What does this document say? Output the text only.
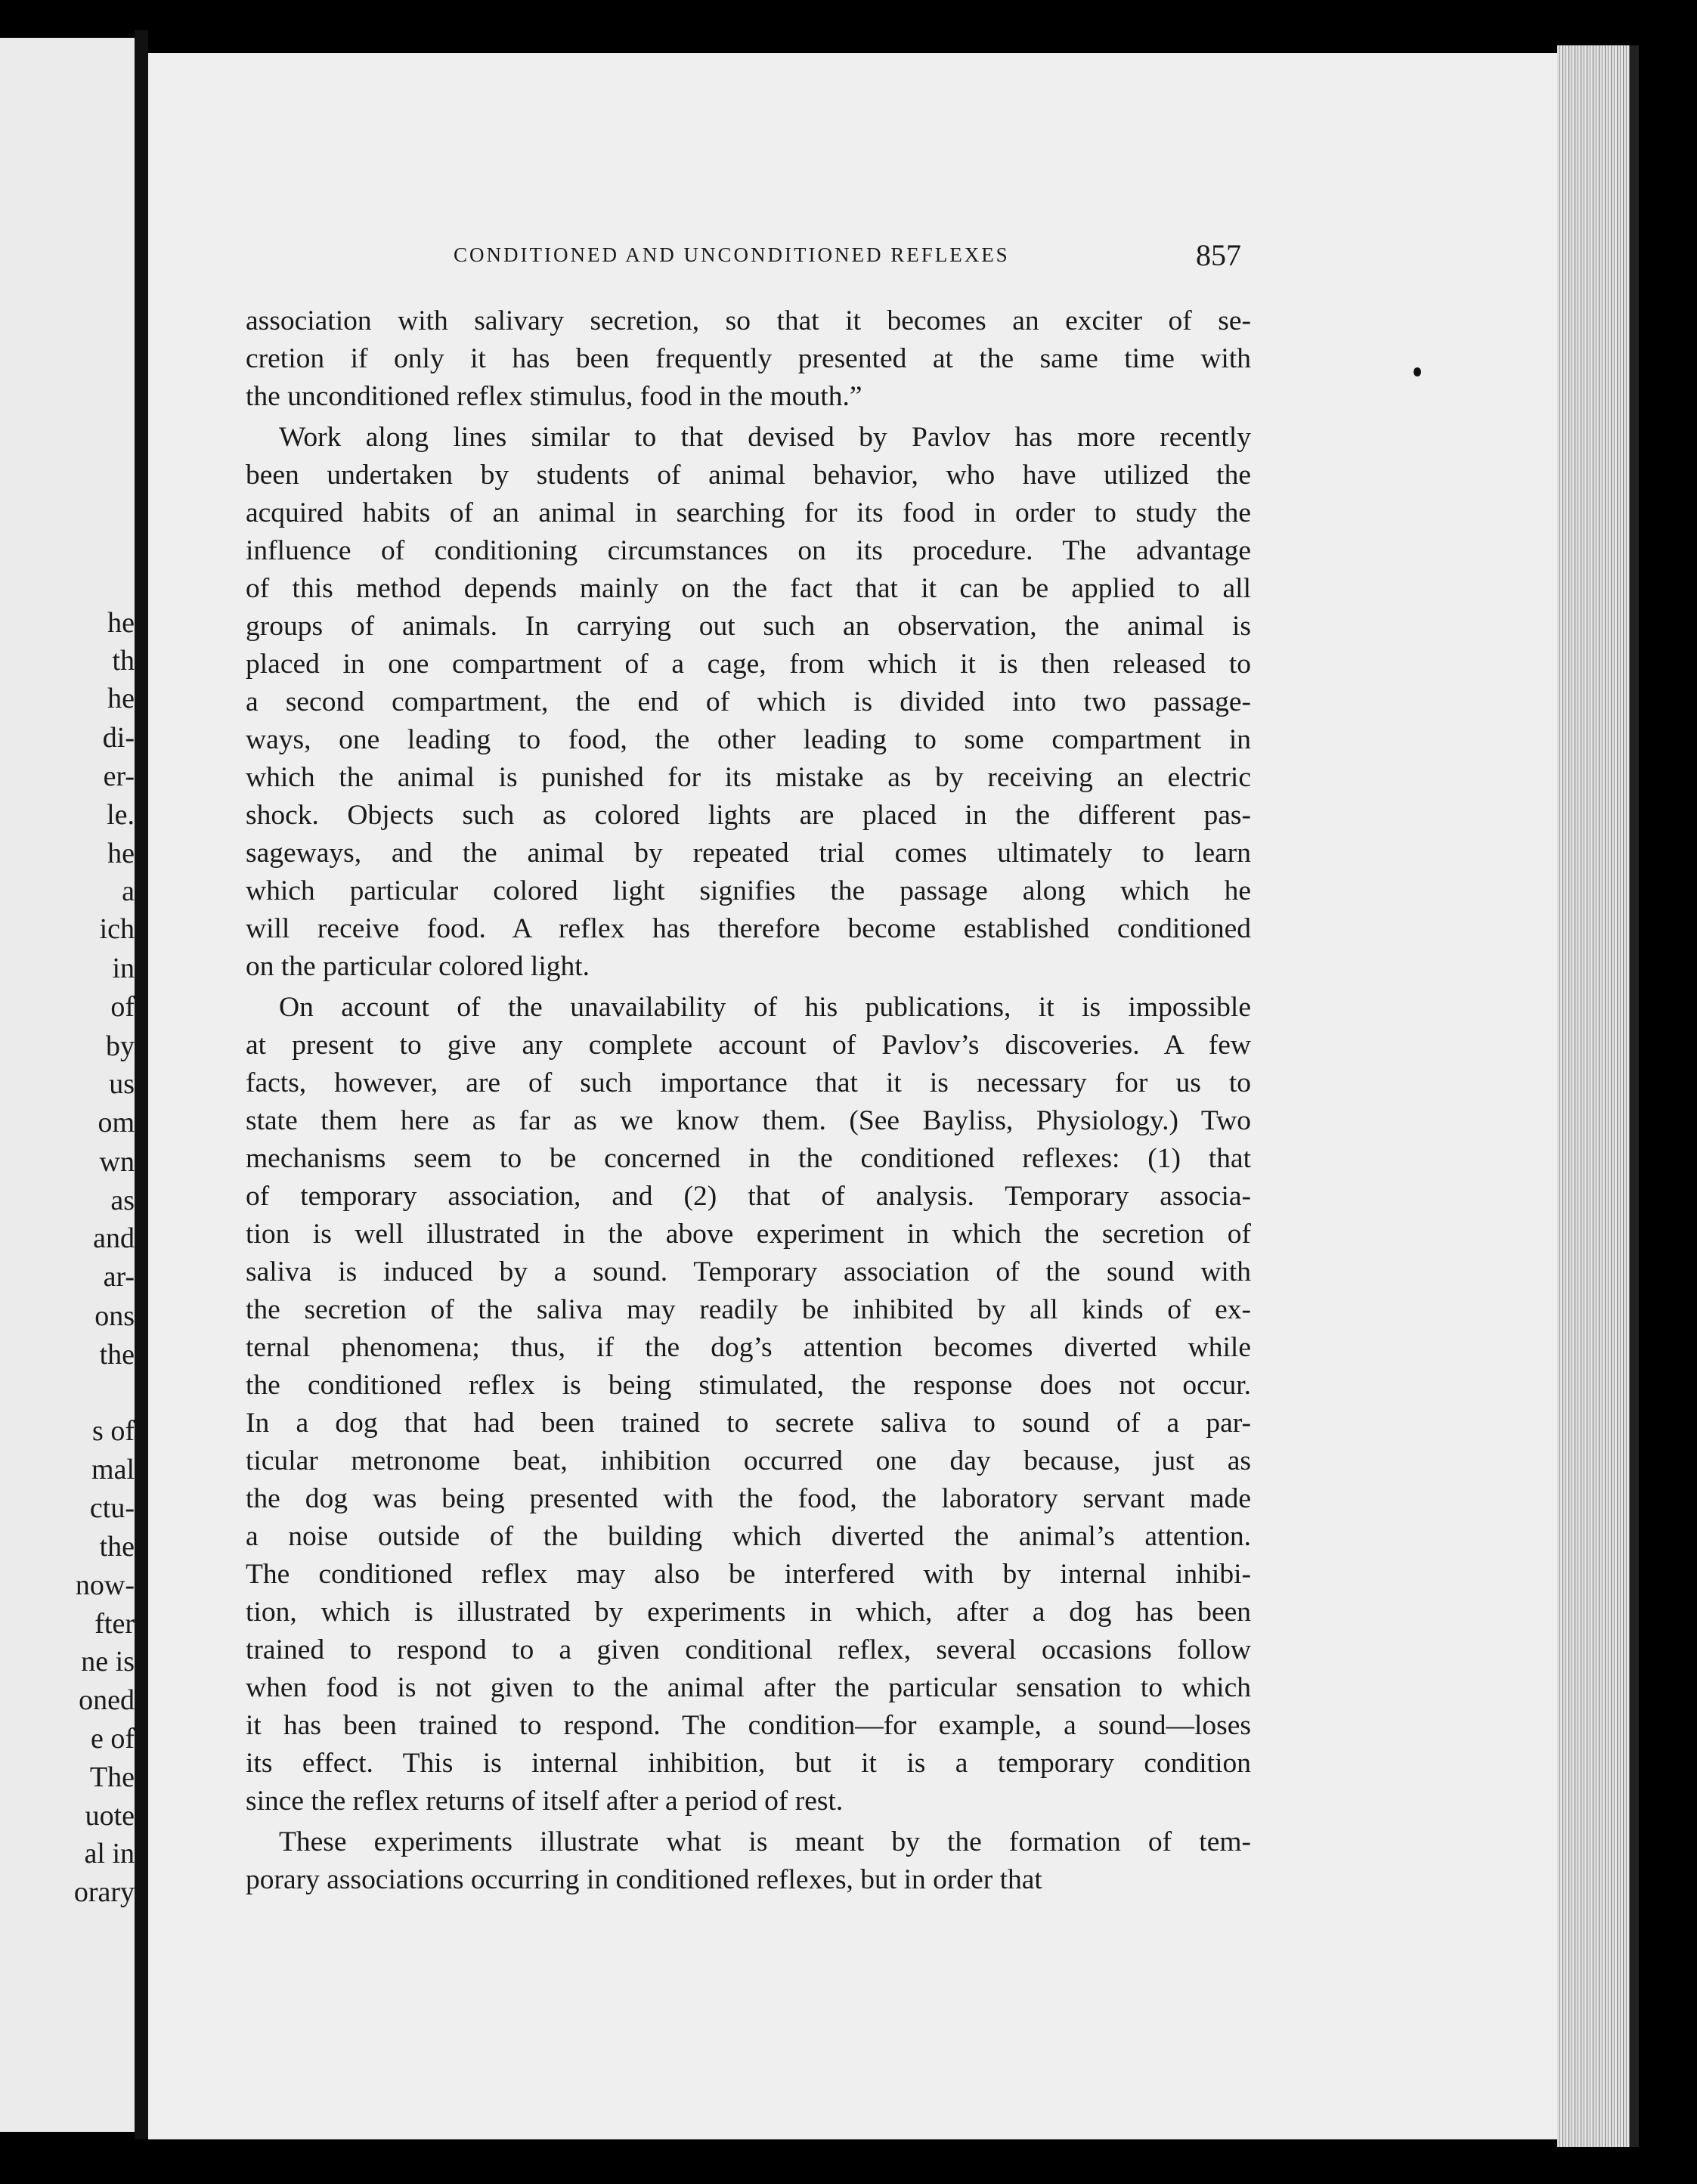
he
th
he
di-
er-
le.
he
a
ich
in
of
by
us
om
wn
as
and
ar-
ons
the
s of
mal
ctu-
the
now-
fter
ne is
oned
e of
The
uote
al in
orary
CONDITIONED AND UNCONDITIONED REFLEXES	857

association with salivary secretion, so that it becomes an exciter of se-
cretion if only it has been frequently presented at the same time with
the unconditioned reflex stimulus, food in the mouth.”

Work along lines similar to that devised by Pavlov has more recently
been undertaken by students of animal behavior, who have utilized the
acquired habits of an animal in searching for its food in order to study the
influence of conditioning circumstances on its procedure. The advantage
of this method depends mainly on the fact that it can be applied to all
groups of animals. In carrying out such an observation, the animal is
placed in one compartment of a cage, from which it is then released to
a second compartment, the end of which is divided into two passage-
ways, one leading to food, the other leading to some compartment in
which the animal is punished for its mistake as by receiving an electric
shock. Objects such as colored lights are placed in the different pas-
sageways, and the animal by repeated trial comes ultimately to learn
which particular colored light signifies the passage along which he
will receive food. A reflex has therefore become established conditioned
on the particular colored light.

On account of the unavailability of his publications, it is impossible
at present to give any complete account of Pavlov’s discoveries. A few
facts, however, are of such importance that it is necessary for us to
state them here as far as we know them. (See Bayliss, Physiology.) Two
mechanisms seem to be concerned in the conditioned reflexes: (1) that
of temporary association, and (2) that of analysis. Temporary associa-
tion is well illustrated in the above experiment in which the secretion of
saliva is induced by a sound. Temporary association of the sound with
the secretion of the saliva may readily be inhibited by all kinds of ex-
ternal phenomena; thus, if the dog’s attention becomes diverted while
the conditioned reflex is being stimulated, the response does not occur.
In a dog that had been trained to secrete saliva to sound of a par-
ticular metronome beat, inhibition occurred one day because, just as
the dog was being presented with the food, the laboratory servant made
a noise outside of the building which diverted the animal’s attention.
The conditioned reflex may also be interfered with by internal inhibi-
tion, which is illustrated by experiments in which, after a dog has been
trained to respond to a given conditional reflex, several occasions follow
when food is not given to the animal after the particular sensation to which
it has been trained to respond. The condition—for example, a sound—loses
its effect. This is internal inhibition, but it is a temporary condition
since the reflex returns of itself after a period of rest.

These experiments illustrate what is meant by the formation of tem-
porary associations occurring in conditioned reflexes, but in order that
